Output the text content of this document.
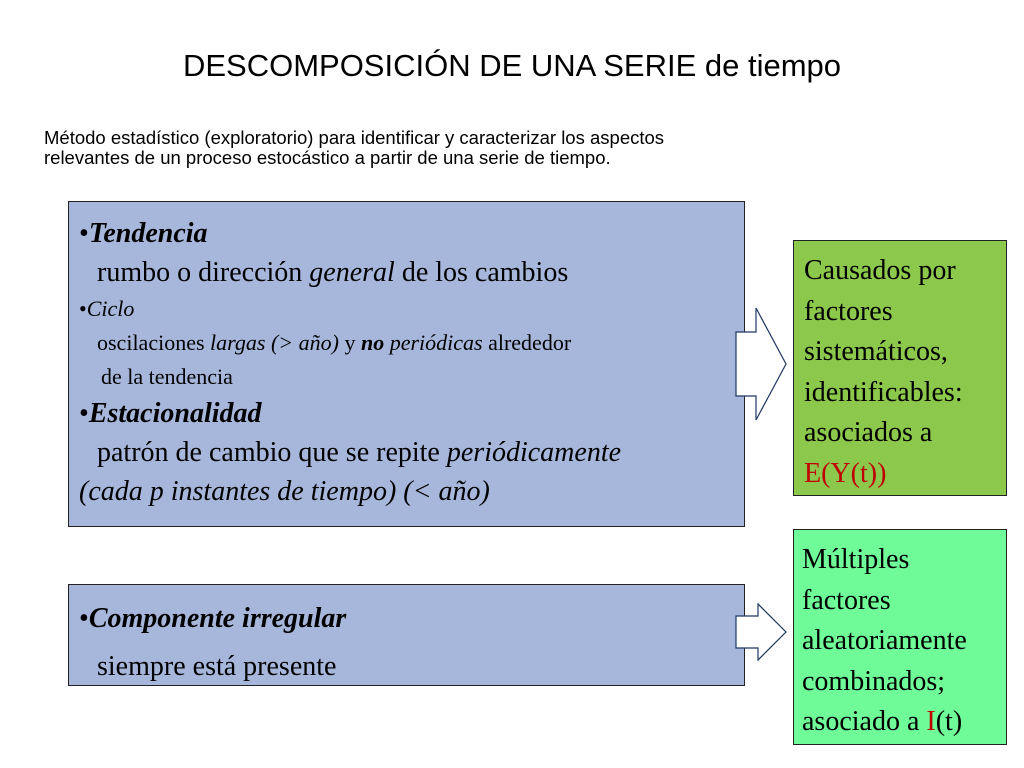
DESCOMPOSICIÓN DE UNA SERIE de tiempo
Método estadístico (exploratorio) para identificar y caracterizar los aspectos
relevantes de un proceso estocástico a partir de una serie de tiempo.
•Tendencia
rumbo o dirección general de los cambios
•Ciclo
oscilaciones largas (> año) y no periódicas alrededor
de la tendencia
•Estacionalidad
patrón de cambio que se repite periódicamente
(cada p instantes de tiempo) (< año)
•Componente irregular
siempre está presente
Causados por
factores
sistemáticos,
identificables:
asociados a
E(Y(t))
Múltiples
factores
aleatoriamente
combinados;
asociado a I(t)
